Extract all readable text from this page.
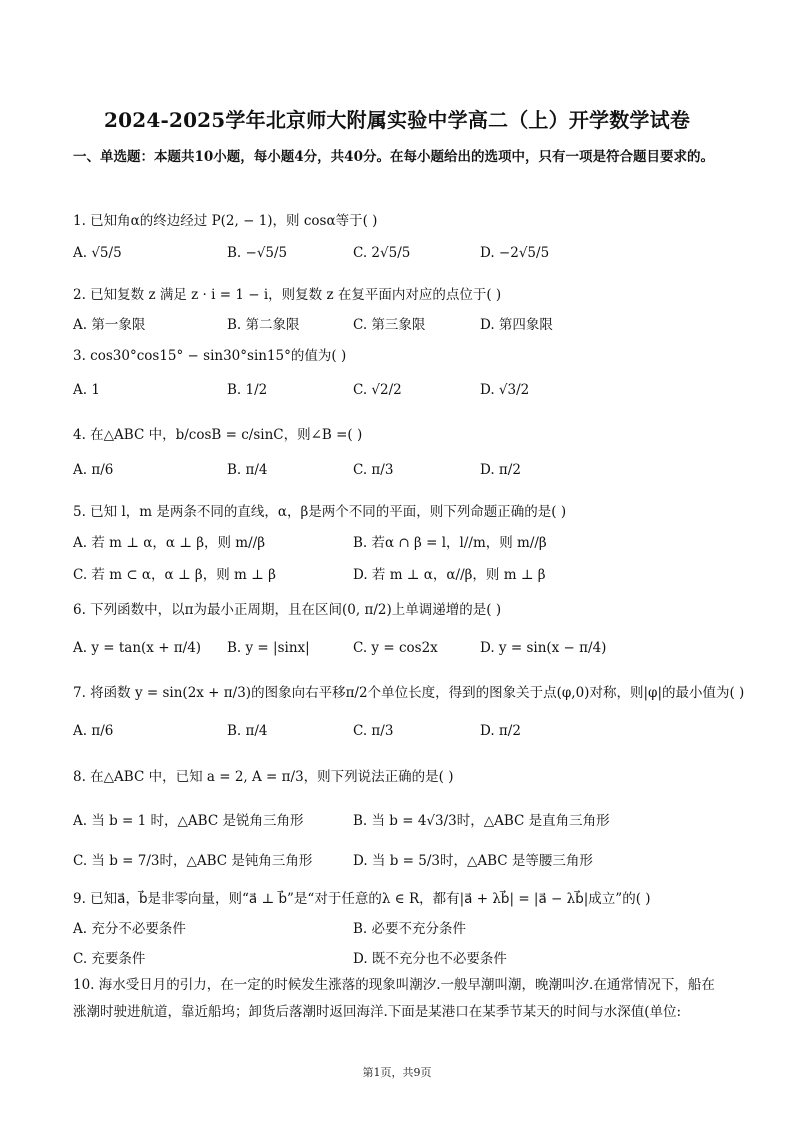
2024-2025学年北京师大附属实验中学高二（上）开学数学试卷
一、单选题：本题共10小题，每小题4分，共40分。在每小题给出的选项中，只有一项是符合题目要求的。
1. 已知角α的终边经过 P(2, − 1)，则 cosα等于( )
A. √5/5	B. −√5/5	C. 2√5/5	D. −2√5/5
2. 已知复数 z 满足 z · i = 1 − i，则复数 z 在复平面内对应的点位于( )
A. 第一象限	B. 第二象限	C. 第三象限	D. 第四象限
3. cos30°cos15° − sin30°sin15°的值为( )
A. 1	B. 1/2	C. √2/2	D. √3/2
4. 在△ABC 中，b/cosB = c/sinC，则∠B =( )
A. π/6	B. π/4	C. π/3	D. π/2
5. 已知 l，m 是两条不同的直线，α，β是两个不同的平面，则下列命题正确的是( )
A. 若 m ⊥ α，α ⊥ β，则 m//β	B. 若α ∩ β = l，l//m，则 m//β
C. 若 m ⊂ α，α ⊥ β，则 m ⊥ β	D. 若 m ⊥ α，α//β，则 m ⊥ β
6. 下列函数中，以π为最小正周期，且在区间(0, π/2)上单调递增的是( )
A. y = tan(x + π/4) B. y = |sinx|	C. y = cos2x	D. y = sin(x − π/4)
7. 将函数 y = sin(2x + π/3)的图象向右平移π/2个单位长度，得到的图象关于点(φ,0)对称，则|φ|的最小值为( )
A. π/6	B. π/4	C. π/3	D. π/2
8. 在△ABC 中，已知 a = 2, A = π/3，则下列说法正确的是( )
A. 当 b = 1 时，△ABC 是锐角三角形	B. 当 b = 4√3/3时，△ABC 是直角三角形
C. 当 b = 7/3时，△ABC 是钝角三角形	D. 当 b = 5/3时，△ABC 是等腰三角形
9. 已知a⃗，b⃗是非零向量，则“a⃗ ⊥ b⃗”是“对于任意的λ ∈ R，都有|a⃗ + λb⃗| = |a⃗ − λb⃗|成立”的( )
A. 充分不必要条件	B. 必要不充分条件
C. 充要条件	D. 既不充分也不必要条件
10. 海水受日月的引力，在一定的时候发生涨落的现象叫潮汐.一般早潮叫潮，晚潮叫汐.在通常情况下，船在涨潮时驶进航道，靠近船坞；卸货后落潮时返回海洋.下面是某港口在某季节某天的时间与水深值(单位:
第1页，共9页
